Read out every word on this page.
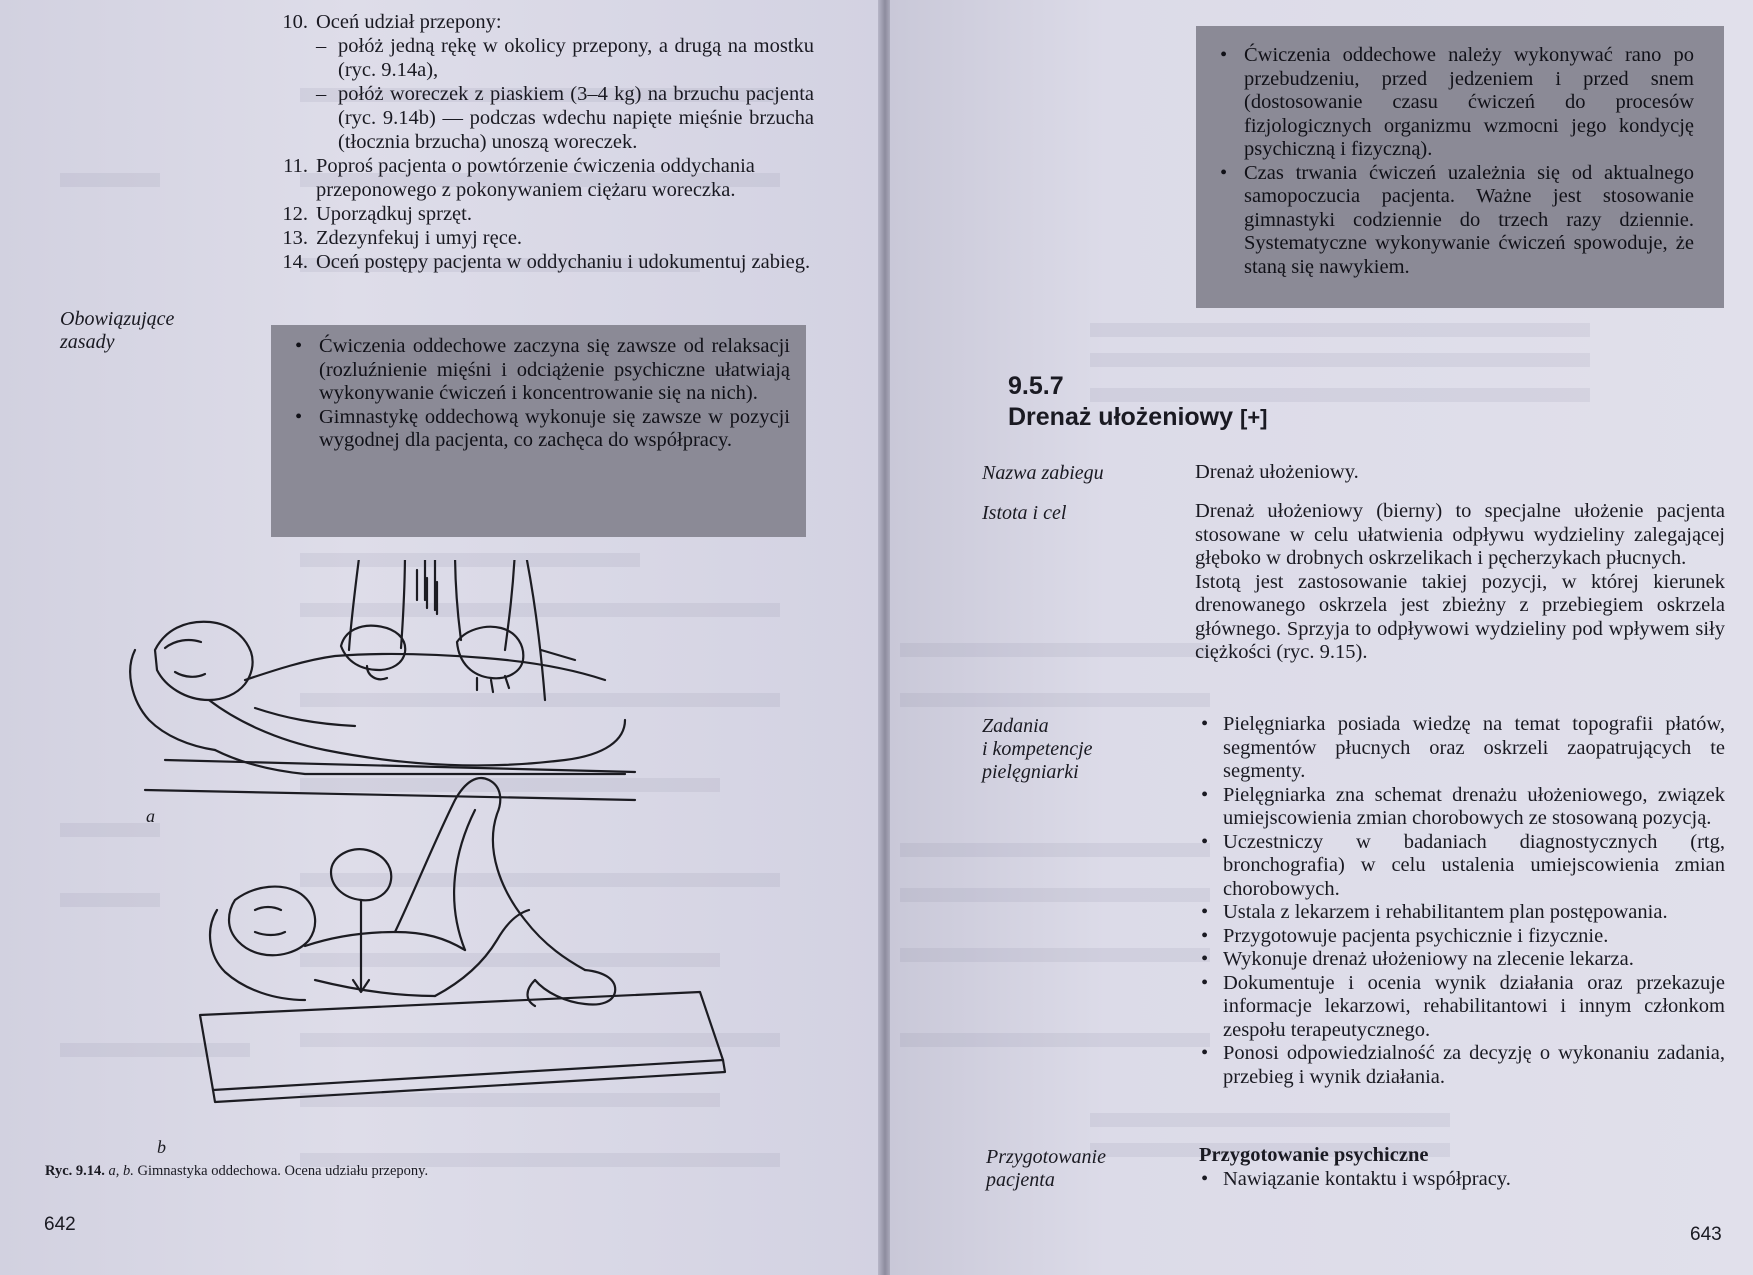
10. Oceń udział przepony:
– połóż jedną rękę w okolicy przepony, a drugą na mostku (ryc. 9.14a),
– połóż woreczek z piaskiem (3–4 kg) na brzuchu pacjenta (ryc. 9.14b) — podczas wdechu napięte mięśnie brzucha (tłocznia brzucha) unoszą woreczek.
11. Poproś pacjenta o powtórzenie ćwiczenia oddychania przeponowego z pokonywaniem ciężaru woreczka.
12. Uporządkuj sprzęt.
13. Zdezynfekuj i umyj ręce.
14. Oceń postępy pacjenta w oddychaniu i udokumentuj zabieg.
Obowiązujące
zasady
•	Ćwiczenia oddechowe zaczyna się zawsze od relaksacji (rozluźnienie mięśni i odciążenie psychiczne ułatwiają wykonywanie ćwiczeń i koncentrowanie się na nich).
• Gimnastykę oddechową wykonuje się zawsze w pozycji wygodnej dla pacjenta, co zachęca do współpracy.
a
b
Ryc. 9.14. a, b. Gimnastyka oddechowa. Ocena udziału przepony.
642
• Ćwiczenia oddechowe należy wykonywać rano po przebudzeniu, przed jedzeniem i przed snem (dostosowanie czasu ćwiczeń do procesów fizjologicznych organizmu wzmocni jego kondycję psychiczną i fizyczną).
• Czas trwania ćwiczeń uzależnia się od aktualnego samopoczucia pacjenta. Ważne jest stosowanie gimnastyki codziennie do trzech razy dziennie. Systematyczne wykonywanie ćwiczeń spowoduje, że staną się nawykiem.
9.5.7
Drenaż ułożeniowy [+]
Nazwa zabiegu	Drenaż ułożeniowy.
Istota i cel	Drenaż ułożeniowy (bierny) to specjalne ułożenie pacjenta stosowane w celu ułatwienia odpływu wydzieliny zalegającej głęboko w drobnych oskrzelikach i pęcherzykach płucnych.
Istotą jest zastosowanie takiej pozycji, w której kierunek drenowanego oskrzela jest zbieżny z przebiegiem oskrzela głównego. Sprzyja to odpływowi wydzieliny pod wpływem siły ciężkości (ryc. 9.15).
Zadania
i kompetencje
pielęgniarki
• Pielęgniarka posiada wiedzę na temat topografii płatów, segmentów płucnych oraz oskrzeli zaopatrujących te segmenty.
• Pielęgniarka zna schemat drenażu ułożeniowego, związek umiejscowienia zmian chorobowych ze stosowaną pozycją.
• Uczestniczy w badaniach diagnostycznych (rtg, bronchografia) w celu ustalenia umiejscowienia zmian chorobowych.
• Ustala z lekarzem i rehabilitantem plan postępowania.
• Przygotowuje pacjenta psychicznie i fizycznie.
• Wykonuje drenaż ułożeniowy na zlecenie lekarza.
• Dokumentuje i ocenia wynik działania oraz przekazuje informacje lekarzowi, rehabilitantowi i innym członkom zespołu terapeutycznego.
• Ponosi odpowiedzialność za decyzję o wykonaniu zadania, przebieg i wynik działania.
Przygotowanie
pacjenta
Przygotowanie psychiczne
• Nawiązanie kontaktu i współpracy.
643
